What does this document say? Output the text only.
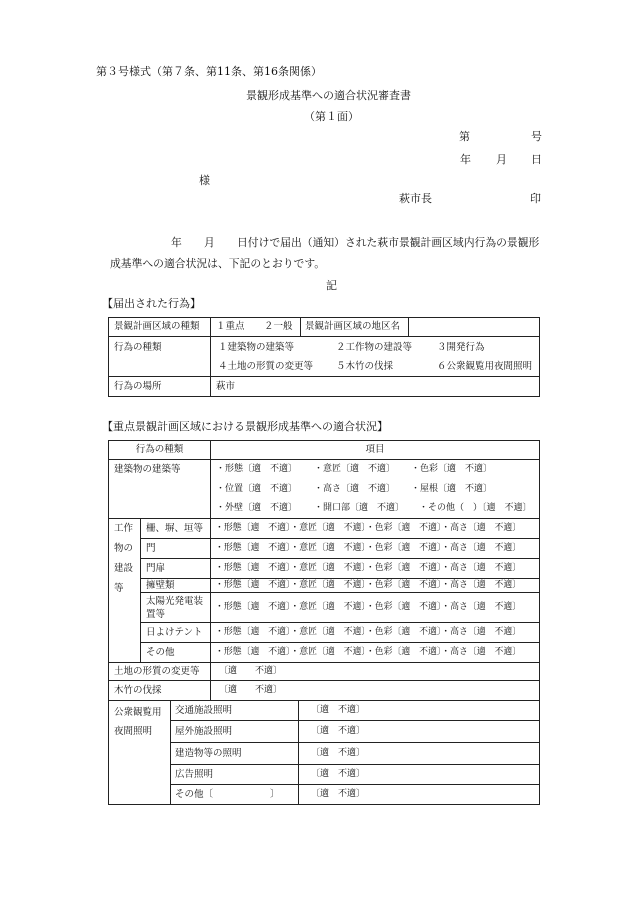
第３号様式（第７条、第11条、第16条関係）
景観形成基準への適合状況審査書
（第１面）
第	号
年 月 日
様
萩市長	印
年 月 日付けで届出（通知）された萩市景観計画区域内行為の景観形
成基準への適合状況は、下記のとおりです。
記
【届出された行為】
景観計画区域の種類 １重点 ２一般 景観計画区域の地区名
行為の種類	１建築物の建築等	２工作物の建設等	３開発行為
４土地の形質の変更等 ５木竹の伐採	６公衆観覧用夜間照明
行為の場所	萩市
【重点景観計画区域における景観形成基準への適合状況】
行為の種類	項目
建築物の建築等	・形態〔適　不適〕 ・意匠〔適　不適〕 ・色彩〔適　不適〕
・位置〔適　不適〕 ・高さ〔適　不適〕 ・屋根〔適　不適〕
・外壁〔適　不適〕 ・開口部〔適　不適〕 ・その他（　）〔適　不適〕
工作
物の
建設
等
柵、塀、垣等 ・形態〔適　不適〕・意匠〔適　不適〕・色彩〔適　不適〕・高さ〔適　不適〕
門	・形態〔適　不適〕・意匠〔適　不適〕・色彩〔適　不適〕・高さ〔適　不適〕
門扉	・形態〔適　不適〕・意匠〔適　不適〕・色彩〔適　不適〕・高さ〔適　不適〕
擁壁類	・形態〔適　不適〕・意匠〔適　不適〕・色彩〔適　不適〕・高さ〔適　不適〕
太陽光発電装
置等
・形態〔適　不適〕・意匠〔適　不適〕・色彩〔適　不適〕・高さ〔適　不適〕
日よけテント ・形態〔適　不適〕・意匠〔適　不適〕・色彩〔適　不適〕・高さ〔適　不適〕
その他	・形態〔適　不適〕・意匠〔適　不適〕・色彩〔適　不適〕・高さ〔適　不適〕
土地の形質の変更等 〔適　　不適〕
木竹の伐採	〔適　　不適〕
公衆観覧用
夜間照明
交通施設照明	〔適　不適〕
屋外施設照明	〔適　不適〕
建造物等の照明	〔適　不適〕
広告照明	〔適　不適〕
その他〔　　　　　　〕	〔適　不適〕
